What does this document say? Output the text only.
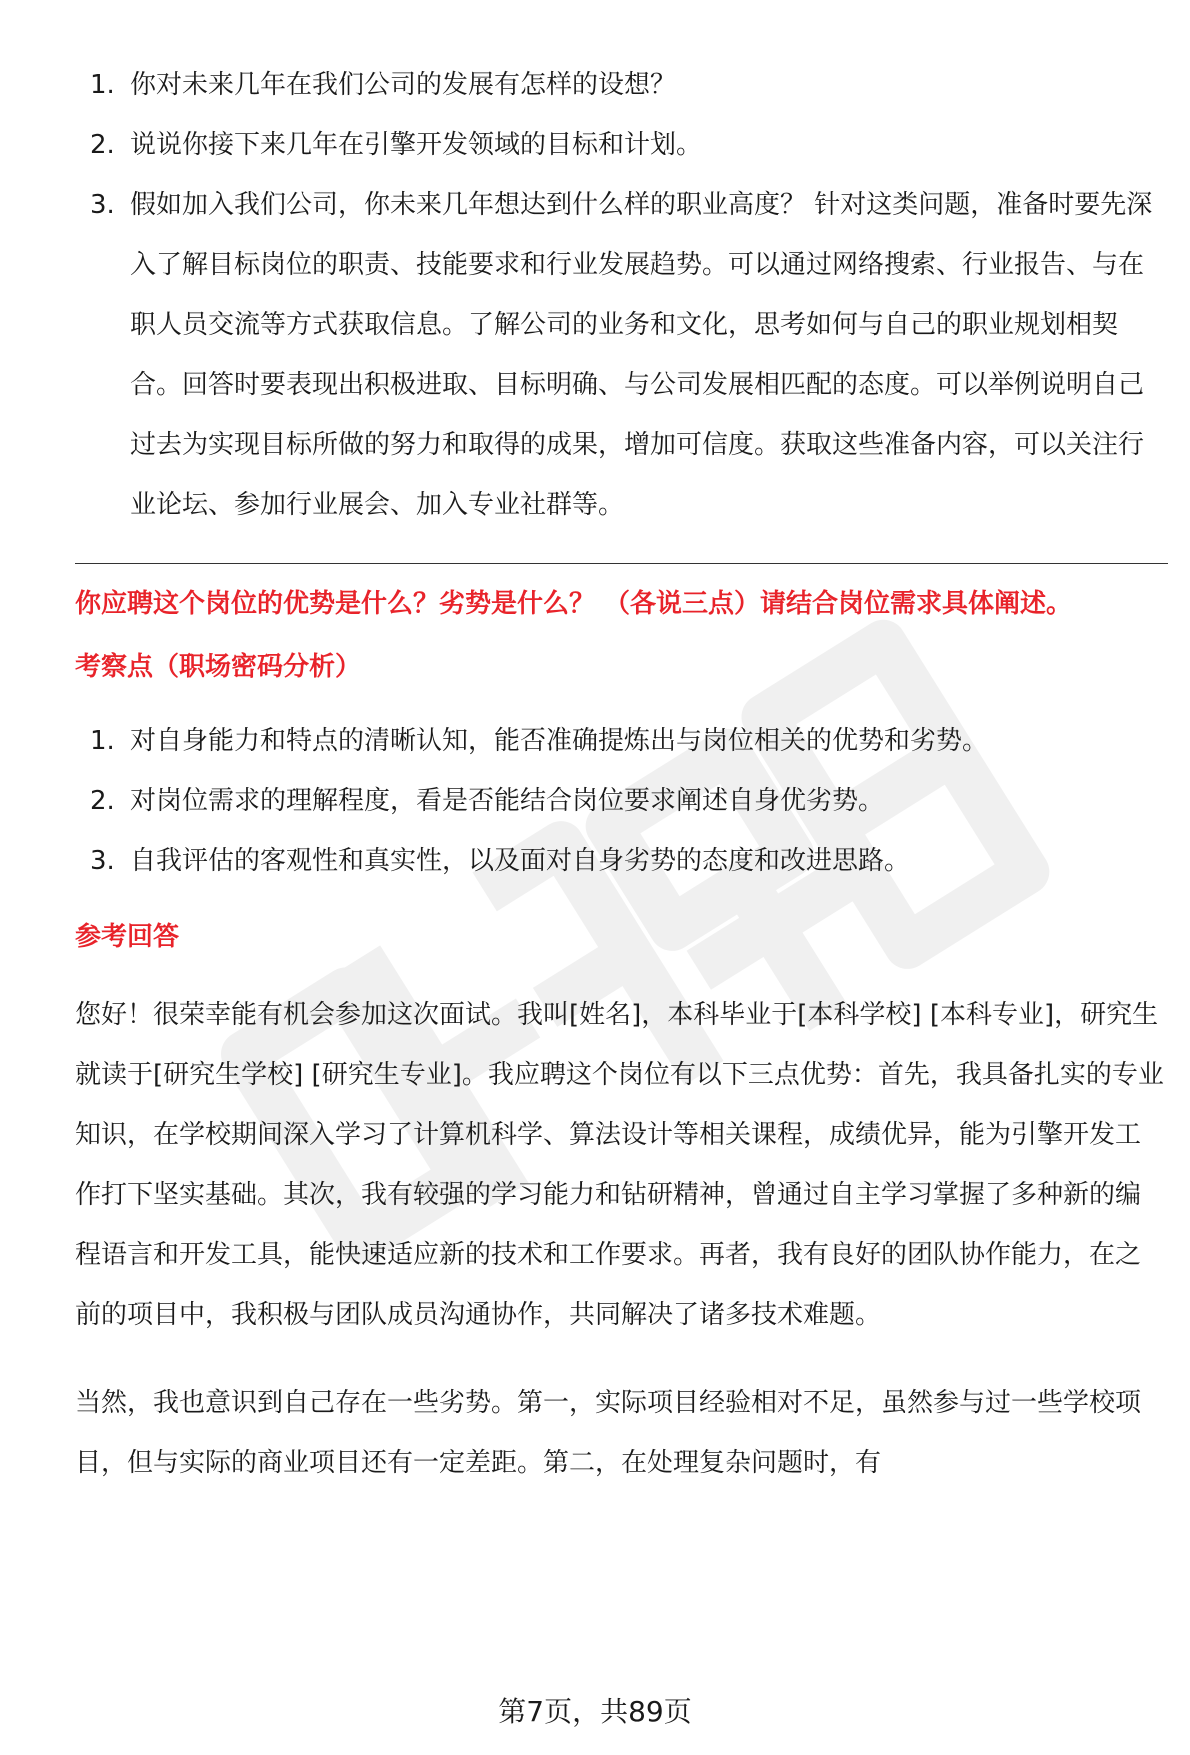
1. 你对未来几年在我们公司的发展有怎样的设想？
2. 说说你接下来几年在引擎开发领域的目标和计划。
3. 假如加入我们公司，你未来几年想达到什么样的职业高度？ 针对这类问题，准备时要先深入了解目标岗位的职责、技能要求和行业发展趋势。可以通过网络搜索、行业报告、与在职人员交流等方式获取信息。了解公司的业务和文化，思考如何与自己的职业规划相契合。回答时要表现出积极进取、目标明确、与公司发展相匹配的态度。可以举例说明自己过去为实现目标所做的努力和取得的成果，增加可信度。获取这些准备内容，可以关注行业论坛、参加行业展会、加入专业社群等。
你应聘这个岗位的优势是什么？劣势是什么？ （各说三点）请结合岗位需求具体阐述。
考察点（职场密码分析）
1. 对自身能力和特点的清晰认知，能否准确提炼出与岗位相关的优势和劣势。
2. 对岗位需求的理解程度，看是否能结合岗位要求阐述自身优劣势。
3. 自我评估的客观性和真实性，以及面对自身劣势的态度和改进思路。
参考回答

您好！很荣幸能有机会参加这次面试。我叫[姓名]，本科毕业于[本科学校] [本科专业]，研究生就读于[研究生学校] [研究生专业]。我应聘这个岗位有以下三点优势：首先，我具备扎实的专业知识，在学校期间深入学习了计算机科学、算法设计等相关课程，成绩优异，能为引擎开发工作打下坚实基础。其次，我有较强的学习能力和钻研精神，曾通过自主学习掌握了多种新的编程语言和开发工具，能快速适应新的技术和工作要求。再者，我有良好的团队协作能力，在之前的项目中，我积极与团队成员沟通协作，共同解决了诸多技术难题。

当然，我也意识到自己存在一些劣势。第一，实际项目经验相对不足，虽然参与过一些学校项目，但与实际的商业项目还有一定差距。第二，在处理复杂问题时，有

第7页，共89页
